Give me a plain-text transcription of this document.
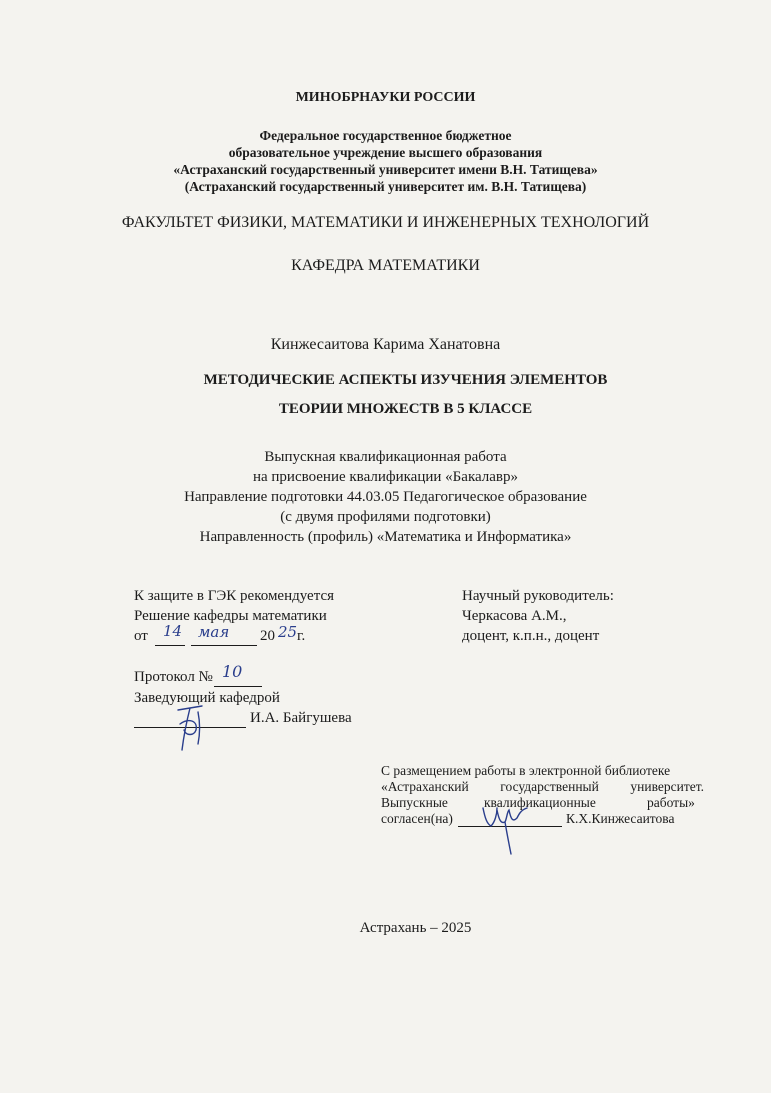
МИНОБРНАУКИ РОССИИ
Федеральное государственное бюджетное
образовательное учреждение высшего образования
«Астраханский государственный университет имени В.Н. Татищева»
(Астраханский государственный университет им. В.Н. Татищева)
ФАКУЛЬТЕТ ФИЗИКИ, МАТЕМАТИКИ И ИНЖЕНЕРНЫХ ТЕХНОЛОГИЙ
КАФЕДРА МАТЕМАТИКИ
Кинжесаитова Карима Ханатовна
МЕТОДИЧЕСКИЕ АСПЕКТЫ ИЗУЧЕНИЯ ЭЛЕМЕНТОВ
ТЕОРИИ МНОЖЕСТВ В 5 КЛАССЕ
Выпускная квалификационная работа
на присвоение квалификации «Бакалавр»
Направление подготовки 44.03.05 Педагогическое образование
(с двумя профилями подготовки)
Направленность (профиль) «Математика и Информатика»
К защите в ГЭК рекомендуется
Решение кафедры математики
от 14 мая 20 25 г.
Протокол № 10
Заведующий кафедрой
И.А. Байгушева
Научный руководитель:
Черкасова А.М.,
доцент, к.п.н., доцент
С размещением работы в электронной библиотеке
«Астраханский государственный университет.
Выпускные	квалификационные	работы»
согласен(на)	К.Х.Кинжесаитова
Астрахань – 2025
